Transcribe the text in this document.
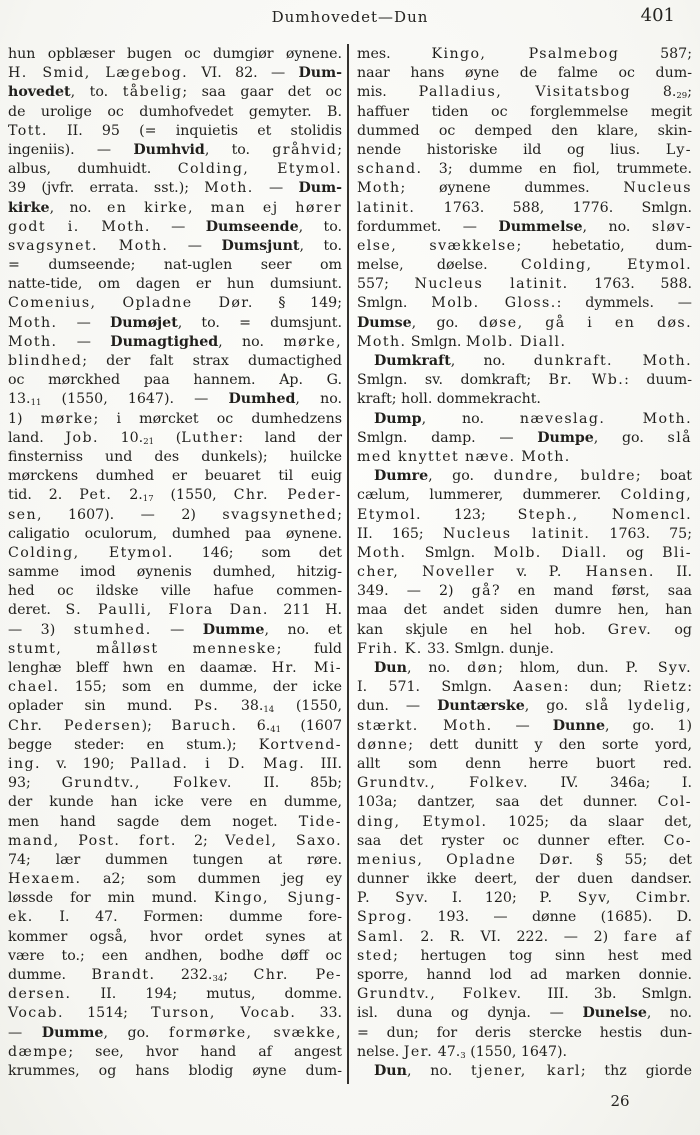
Dumhovedet—Dun	401
hun opblæser bugen oc dumgiør øynene.
H. Smid, Lægebog. VI. 82. — Dum-
hovedet, to. tåbelig; saa gaar det oc
de urolige oc dumhofvedet gemyter. B.
Tott. II. 95 (= inquietis et stolidis
ingeniis). — Dumhvid, to. gråhvid;
albus, dumhuidt. Colding, Etymol.
39 (jvfr. errata. sst.); Moth. — Dum-
kirke, no. en kirke, man ej hører
godt i. Moth. — Dumseende, to.
svagsynet. Moth. — Dumsjunt, to.
= dumseende; nat-uglen seer om
natte-tide, om dagen er hun dumsiunt.
Comenius, Opladne Dør. § 149;
Moth. — Dumøjet, to. = dumsjunt.
Moth. — Dumagtighed, no. mørke,
blindhed; der falt strax dumactighed
oc mørckhed paa hannem. Ap. G.
13.11 (1550, 1647). — Dumhed, no.
1) mørke; i mørcket oc dumhedzens
land. Job. 10.21 (Luther: land der
finsterniss und des dunkels); huilcke
mørckens dumhed er beuaret til euig
tid. 2. Pet. 2.17 (1550, Chr. Peder-
sen, 1607). — 2) svagsynethed;
caligatio oculorum, dumhed paa øynene.
Colding, Etymol. 146; som det
samme imod øynenis dumhed, hitzig-
hed oc ildske ville hafue commen-
deret. S. Paulli, Flora Dan. 211 H.
— 3) stumhed. — Dumme, no. et
stumt, målløst menneske; fuld
lenghæ bleff hwn en daamæ. Hr. Mi-
chael. 155; som en dumme, der icke
oplader sin mund. Ps. 38.14 (1550,
Chr. Pedersen); Baruch. 6.41 (1607
begge steder: en stum.); Kortvend-
ing. v. 190; Pallad. i D. Mag. III.
93; Grundtv., Folkev. II. 85b;
der kunde han icke vere en dumme,
men hand sagde dem noget. Tide-
mand, Post. fort. 2; Vedel, Saxo.
74; lær dummen tungen at røre.
Hexaem. a2; som dummen jeg ey
løssde for min mund. Kingo, Sjung-
ek. I. 47. Formen: dumme fore-
kommer også, hvor ordet synes at
være to.; een andhen, bodhe døff oc
dumme. Brandt. 232.34; Chr. Pe-
dersen. II. 194; mutus, domme.
Vocab. 1514; Turson, Vocab. 33.
— Dumme, go. formørke, svække,
dæmpe; see, hvor hand af angest
krummes, og hans blodig øyne dum-
mes. Kingo, Psalmebog 587;
naar hans øyne de falme oc dum-
mis. Palladius, Visitatsbog 8.29;
haffuer tiden oc forglemmelse megit
dummed oc demped den klare, skin-
nende historiske ild og lius. Ly-
schand. 3; dumme en fiol, trummete.
Moth; øynene dummes. Nucleus
latinit. 1763. 588, 1776. Smlgn.
fordummet. — Dummelse, no. sløv-
else, svækkelse; hebetatio, dum-
melse, døelse. Colding, Etymol.
557; Nucleus latinit. 1763. 588.
Smlgn. Molb. Gloss.: dymmels. —
Dumse, go. døse, gå i en døs.
Moth. Smlgn. Molb. Diall.
Dumkraft, no. dunkraft. Moth.
Smlgn. sv. domkraft; Br. Wb.: duum-
kraft; holl. dommekracht.
Dump, no. næveslag. Moth.
Smlgn. damp. — Dumpe, go. slå
med knyttet næve. Moth.
Dumre, go. dundre, buldre; boat
cælum, lummerer, dummerer. Colding,
Etymol. 123; Steph., Nomencl.
II. 165; Nucleus latinit. 1763. 75;
Moth. Smlgn. Molb. Diall. og Bli-
cher, Noveller v. P. Hansen. II.
349. — 2) gå? en mand først, saa
maa det andet siden dumre hen, han
kan skjule en hel hob. Grev. og
Frih. K. 33. Smlgn. dunje.
Dun, no. døn; hlom, dun. P. Syv.
I. 571. Smlgn. Aasen: dun; Rietz:
dun. — Duntærske, go. slå lydelig,
stærkt. Moth. — Dunne, go. 1)
dønne; dett dunitt y den sorte yord,
allt som denn herre buort red.
Grundtv., Folkev. IV. 346a; I.
103a; dantzer, saa det dunner. Col-
ding, Etymol. 1025; da slaar det,
saa det ryster oc dunner efter. Co-
menius, Opladne Dør. § 55; det
dunner ikke deert, der duen dandser.
P. Syv. I. 120; P. Syv, Cimbr.
Sprog. 193. — dønne (1685). D.
Saml. 2. R. VI. 222. — 2) fare af
sted; hertugen tog sinn hest med
sporre, hannd lod ad marken donnie.
Grundtv., Folkev. III. 3b. Smlgn.
isl. duna og dynja. — Dunelse, no.
= dun; for deris stercke hestis dun-
nelse. Jer. 47.3 (1550, 1647).
Dun, no. tjener, karl; thz giorde
26
